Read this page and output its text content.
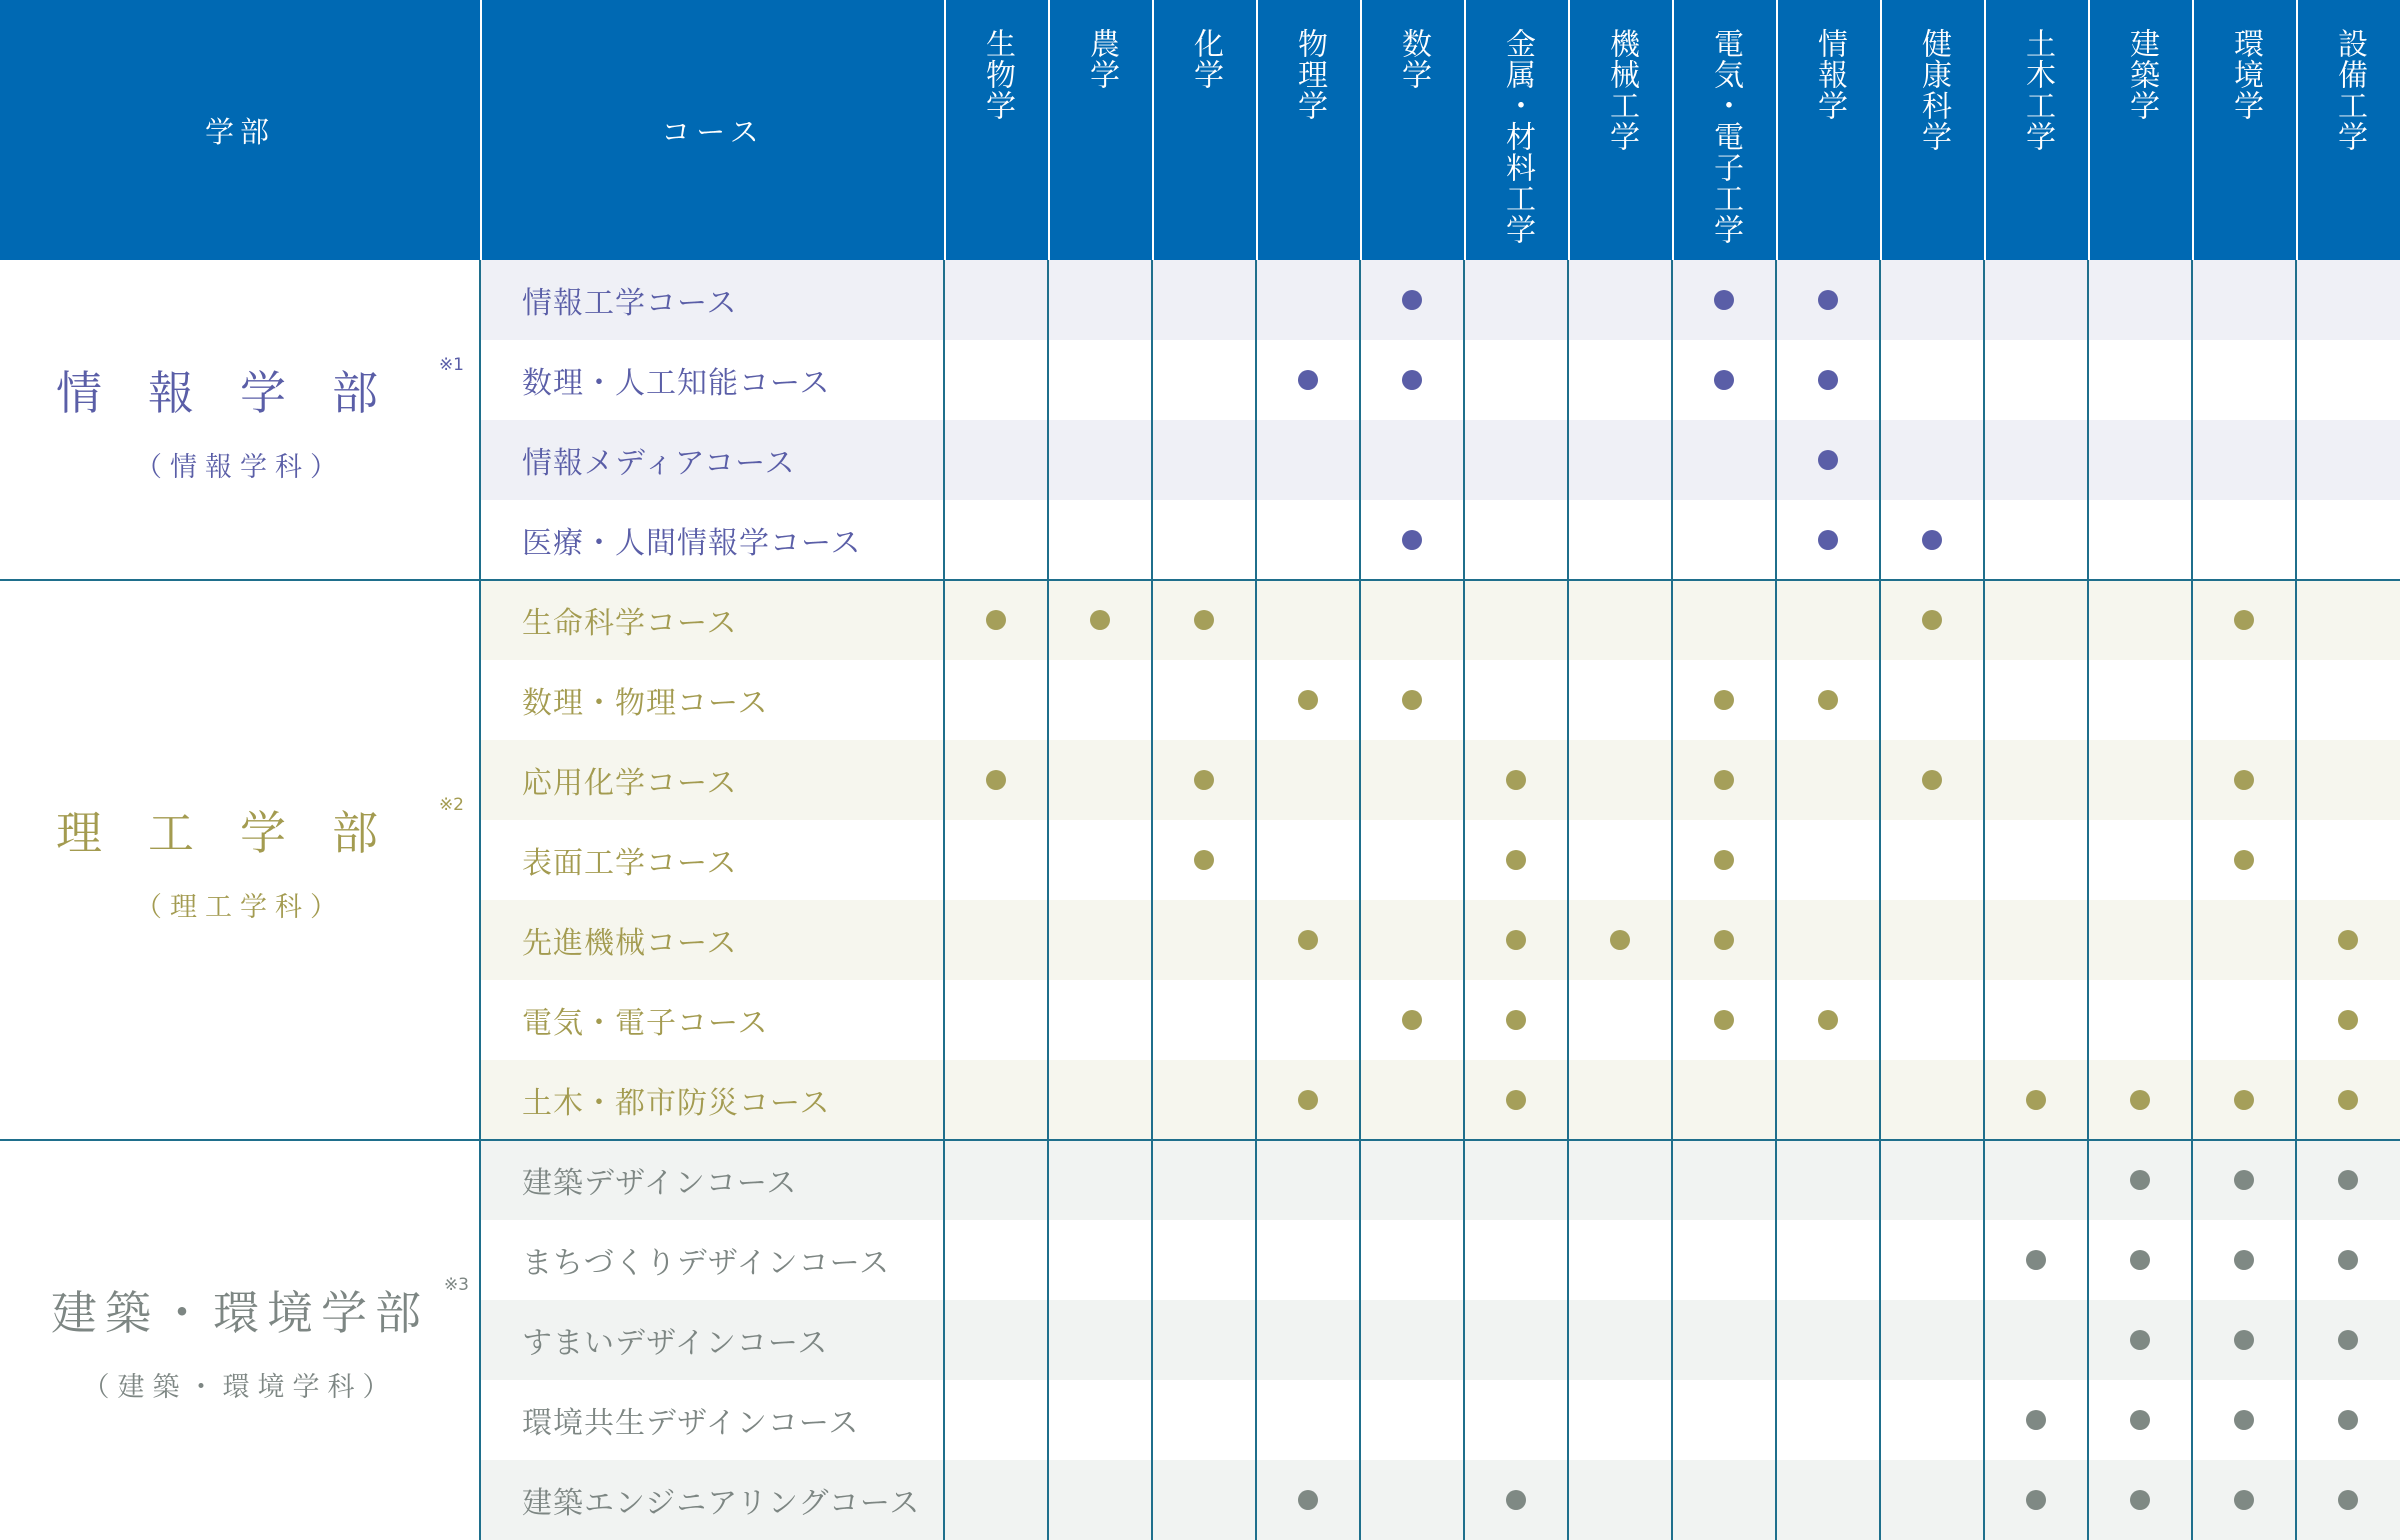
学部	コース
生物学 農学 化学 物理学 数学 金属・材料工学 機械工学 電気・電子工学 情報学 健康科学 土木工学 建築学 環境学 設備工学
情報学部
※1
（情報学科）
情報工学コース
数理・人工知能コース
情報メディアコース
医療・人間情報学コース
理工学部
※2
（理工学科）
生命科学コース
数理・物理コース
応用化学コース
表面工学コース
先進機械コース
電気・電子コース
土木・都市防災コース
建築・環境学部
※3
（建築・環境学科）
建築デザインコース
まちづくりデザインコース
すまいデザインコース
環境共生デザインコース
建築エンジニアリングコース
